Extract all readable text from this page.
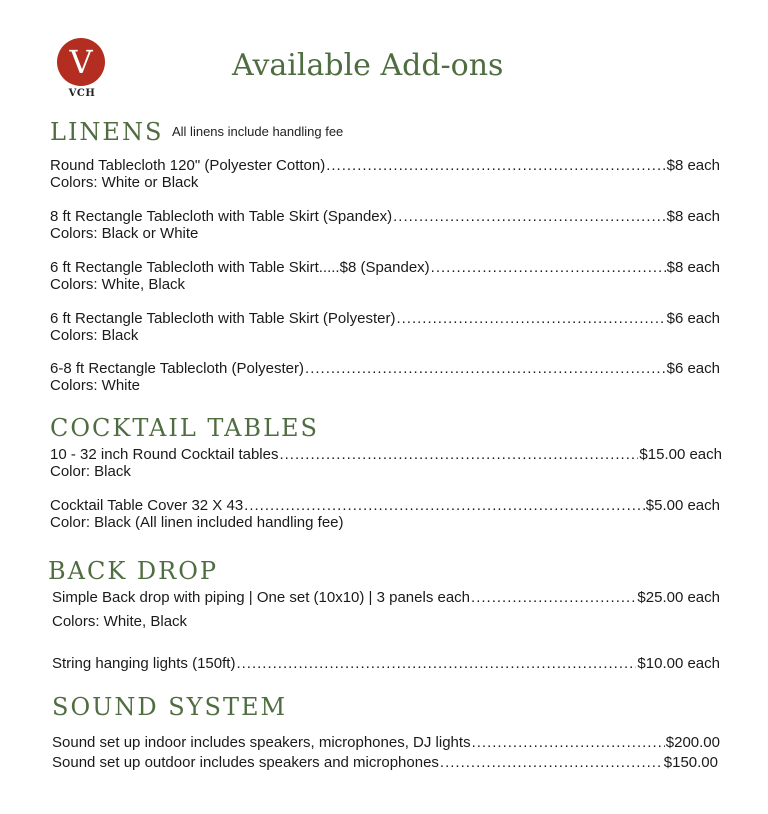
V
VCH
Available Add-ons
LINENS All linens include handling fee
Round Tablecloth 120" (Polyester Cotton) .....	$8 each
Colors: White or Black
8 ft Rectangle Tablecloth with Table Skirt (Spandex) .....	$8 each
Colors: Black or White
6 ft Rectangle Tablecloth with Table Skirt.....$8 (Spandex) .....	$8 each
Colors: White, Black
6 ft Rectangle Tablecloth with Table Skirt (Polyester) .....	$6 each
Colors: Black
6-8 ft Rectangle Tablecloth (Polyester) .....	$6 each
Colors: White
COCKTAIL TABLES
10 - 32 inch Round Cocktail tables .....	$15.00 each
Color: Black
Cocktail Table Cover 32 X 43 .....	$5.00 each
Color: Black (All linen included handling fee)
BACK DROP
Simple Back drop with piping | One set (10x10) | 3 panels each .....	$25.00 each
Colors: White, Black
String hanging lights (150ft) .....	$10.00 each
SOUND SYSTEM
Sound set up indoor includes speakers, microphones, DJ lights .....	$200.00
Sound set up outdoor includes speakers and microphones .....	$150.00
